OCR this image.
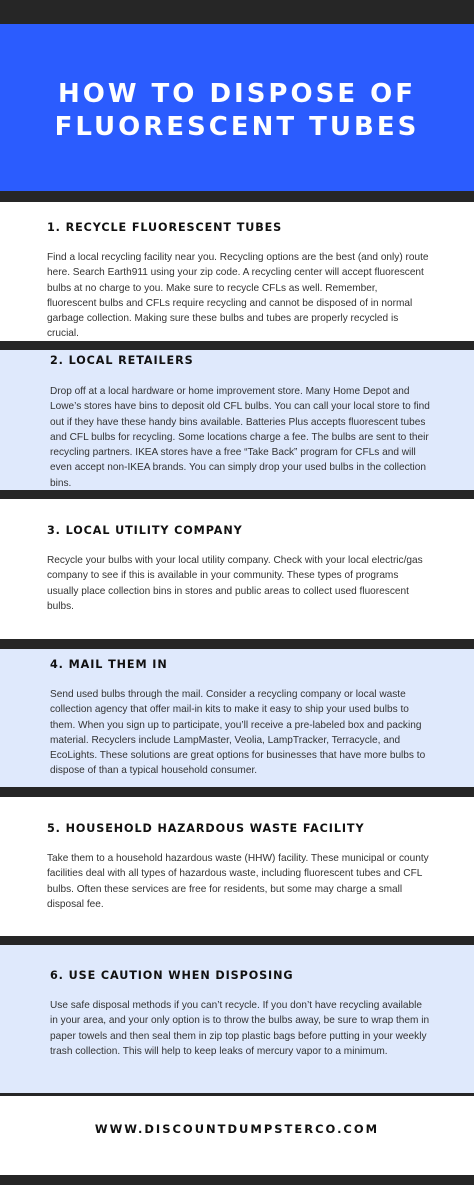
HOW TO DISPOSE OF
FLUORESCENT TUBES
1. RECYCLE FLUORESCENT TUBES

Find a local recycling facility near you. Recycling options are the best (and only) route here. Search Earth911 using your zip code. A recycling center will accept fluorescent bulbs at no charge to you. Make sure to recycle CFLs as well. Remember, fluorescent bulbs and CFLs require recycling and cannot be disposed of in normal garbage collection. Making sure these bulbs and tubes are properly recycled is crucial.

2. LOCAL RETAILERS

Drop off at a local hardware or home improvement store. Many Home Depot and Lowe’s stores have bins to deposit old CFL bulbs. You can call your local store to find out if they have these handy bins available. Batteries Plus accepts fluorescent tubes and CFL bulbs for recycling. Some locations charge a fee. The bulbs are sent to their recycling partners. IKEA stores have a free “Take Back” program for CFLs and will even accept non-IKEA brands. You can simply drop your used bulbs in the collection bins.

3. LOCAL UTILITY COMPANY

Recycle your bulbs with your local utility company. Check with your local electric/gas company to see if this is available in your community. These types of programs usually place collection bins in stores and public areas to collect used fluorescent bulbs.

4. MAIL THEM IN

Send used bulbs through the mail. Consider a recycling company or local waste collection agency that offer mail-in kits to make it easy to ship your used bulbs to them. When you sign up to participate, you’ll receive a pre-labeled box and packing material. Recyclers include LampMaster, Veolia, LampTracker, Terracycle, and EcoLights. These solutions are great options for businesses that have more bulbs to dispose of than a typical household consumer.

5. HOUSEHOLD HAZARDOUS WASTE FACILITY

Take them to a household hazardous waste (HHW) facility. These municipal or county facilities deal with all types of hazardous waste, including fluorescent tubes and CFL bulbs. Often these services are free for residents, but some may charge a small disposal fee.

6. USE CAUTION WHEN DISPOSING

Use safe disposal methods if you can’t recycle. If you don’t have recycling available in your area, and your only option is to throw the bulbs away, be sure to wrap them in paper towels and then seal them in zip top plastic bags before putting in your weekly trash collection. This will help to keep leaks of mercury vapor to a minimum.

WWW.DISCOUNTDUMPSTERCO.COM
